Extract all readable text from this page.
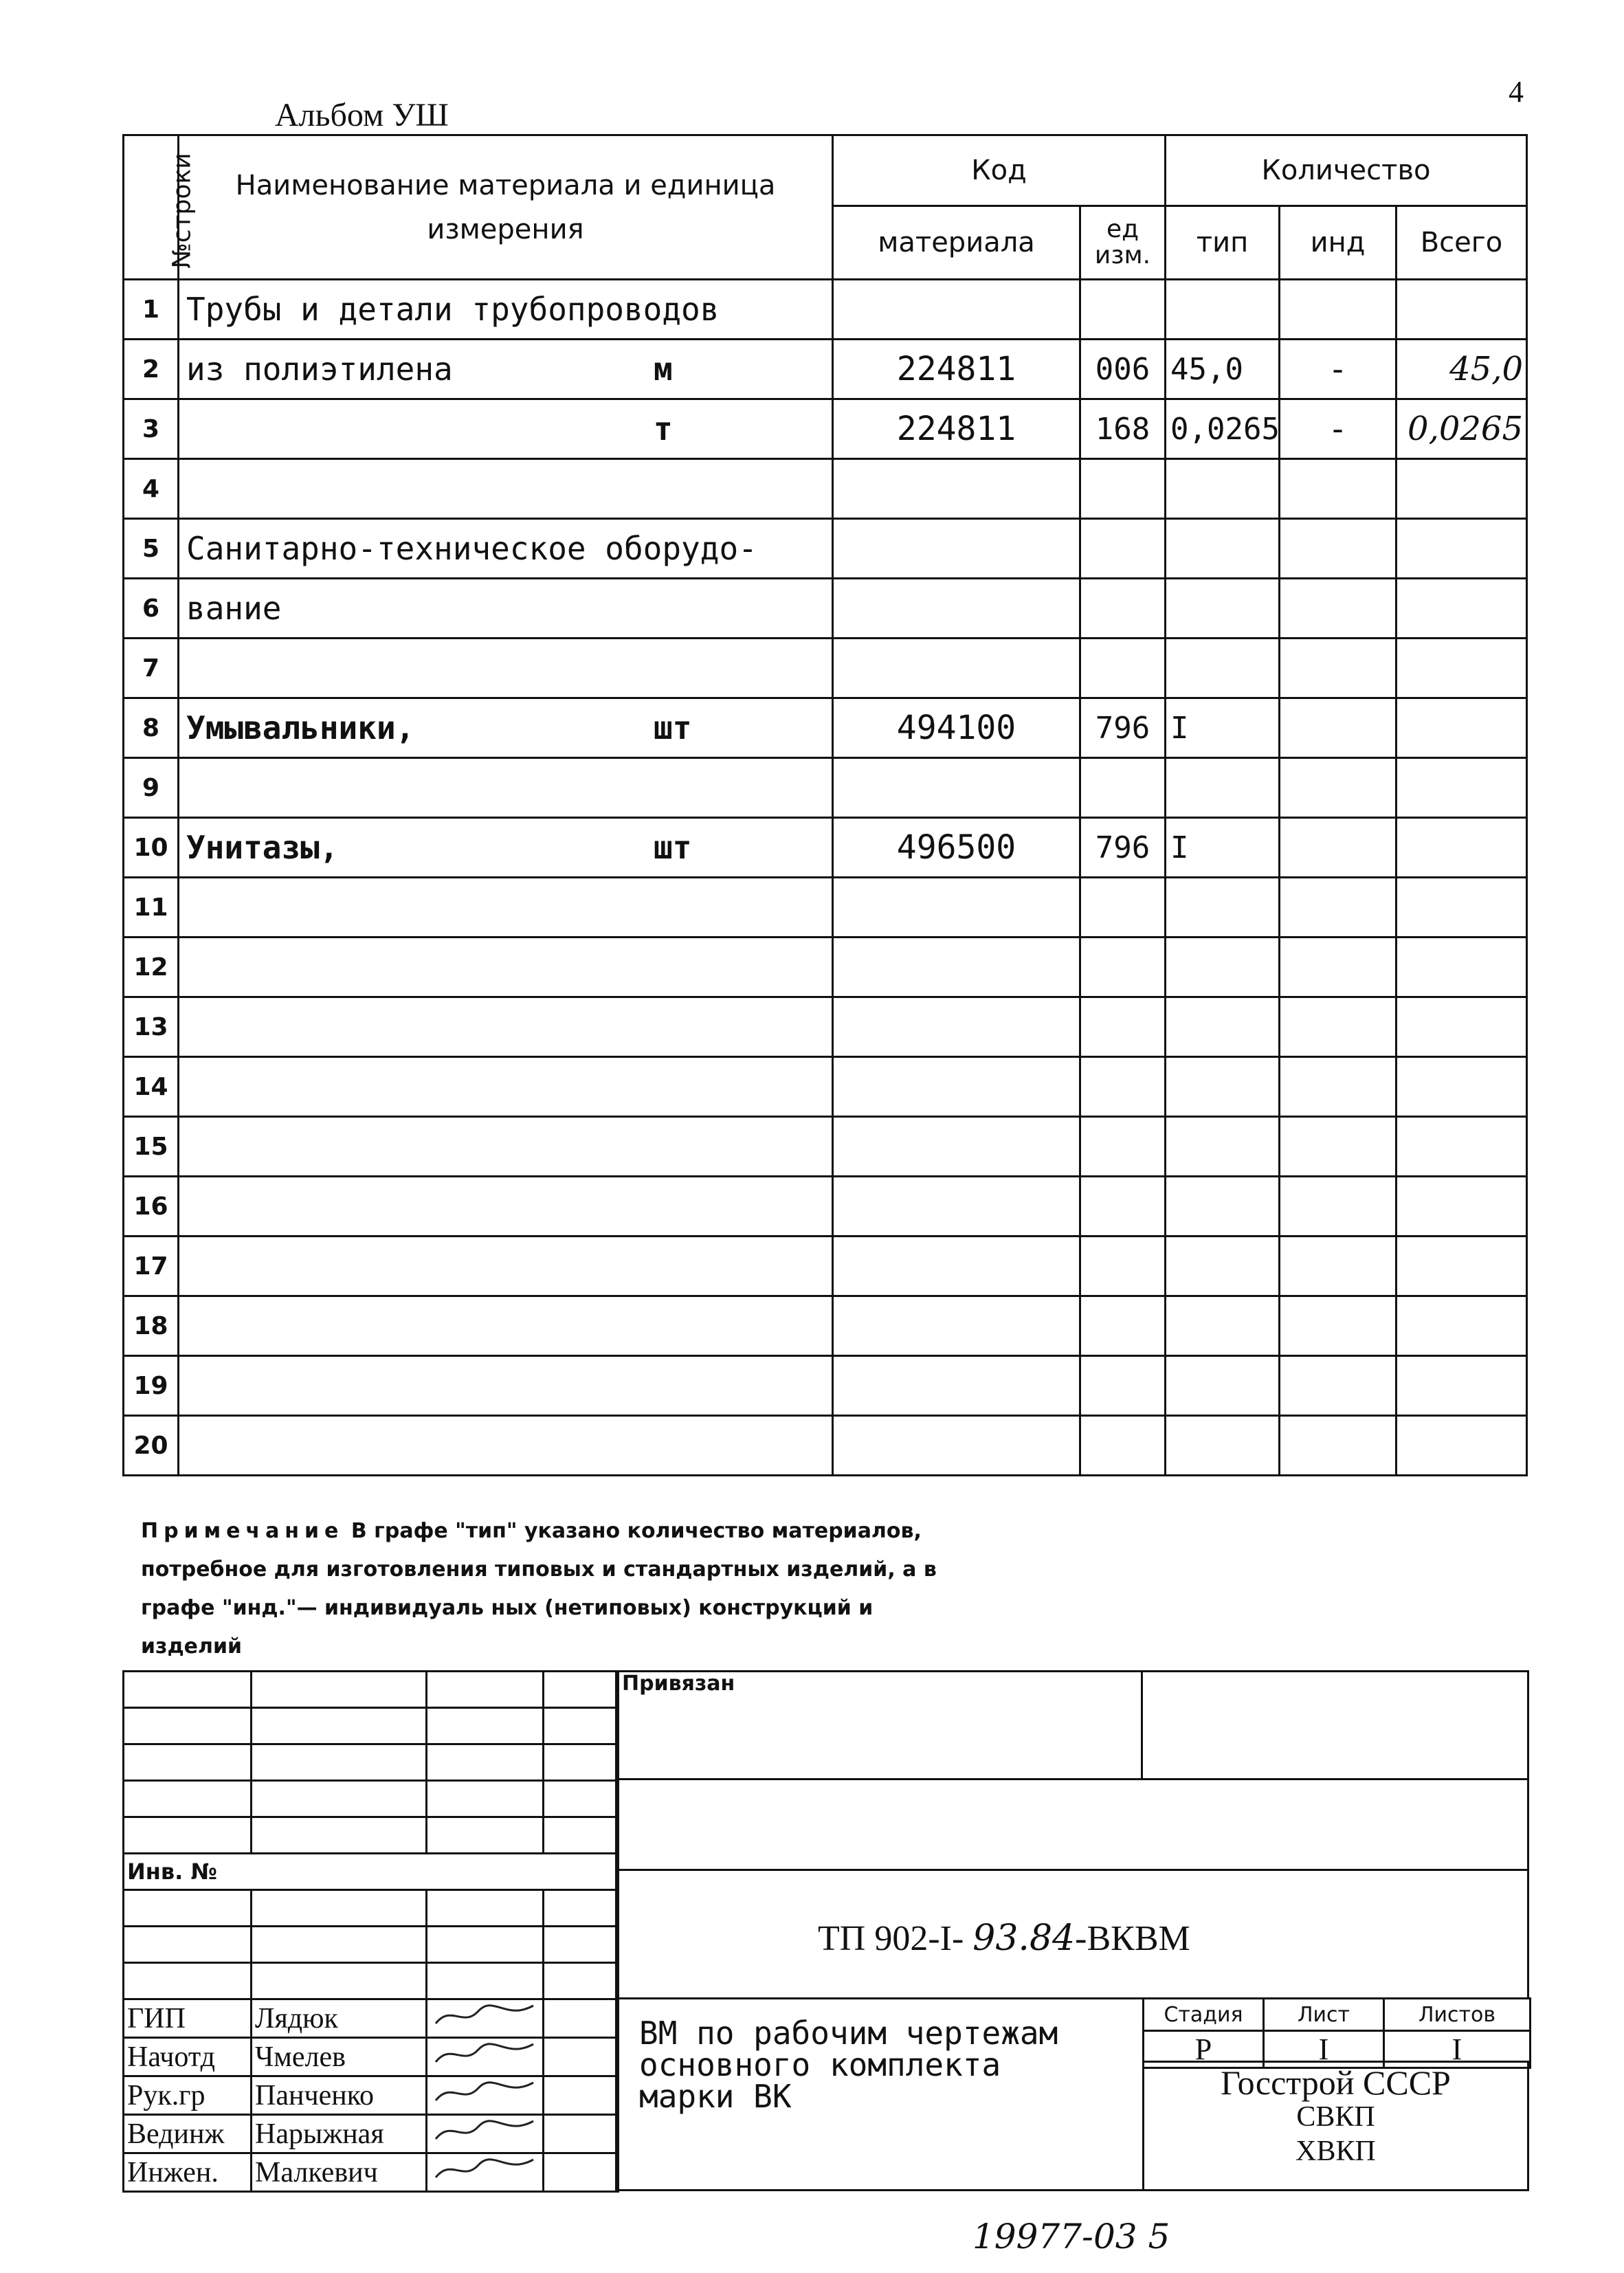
4
Альбом УШ
№строки	Наименование материала и единица измерения	Код		Количество		
		материала	ед изм.	тип	инд	Всего
1	Трубы и детали трубопроводов

2	из полиэтилена м	224811	006	45,0	-	45,0
3	т	224811	168	0,0265	-	0,0265
4	

5	Санитарно-техническое оборудо-

6	вание

7	

8	Умывальники, шт	494100	796	I		
9	

10	Унитазы, шт	496500	796	I		
11	

12	

13	

14	

15	

16	

17	

18	

19	

20	

Примечание В графе "тип" указано количество материалов, потребное для изготовления типовых и стандартных изделий, а в графе "инд."— индивидуаль ных (нетиповых) конструкций и изделий

Инв. №			

ГИП	Лядюк		
Начотд	Чмелев		
Рук.гр	Панченко		
Вединж	Нарыжная		
Инжен.	Малкевич		
Привязан
ТП 902-I- 93.84-ВКВМ
ВМ по рабочим чертежам
основного комплекта
марки ВК
Стадия	Лист	Листов
Р	I	I
Госстрой СССР
СВКП
ХВКП
19977-03 5
